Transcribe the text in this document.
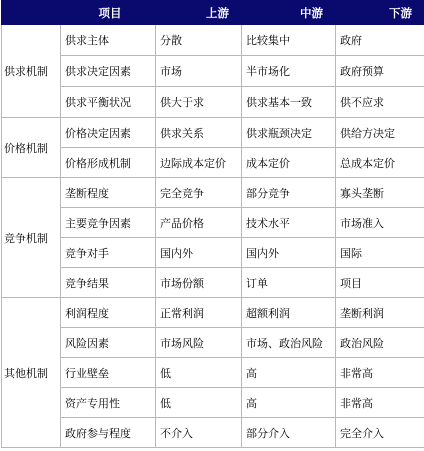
	项目	上游	中游	下游
供求机制	供求主体	分散	比较集中	政府
	供求决定因素	市场	半市场化	政府预算
	供求平衡状况	供大于求	供求基本一致	供不应求
价格机制	价格决定因素	供求关系	供求瓶颈决定	供给方决定
	价格形成机制	边际成本定价	成本定价	总成本定价
竞争机制	垄断程度	完全竞争	部分竞争	寡头垄断
	主要竞争因素	产品价格	技术水平	市场准入
	竞争对手	国内外	国内外	国际
	竞争结果	市场份额	订单	项目
其他机制	利润程度	正常利润	超额利润	垄断利润
	风险因素	市场风险	市场、政治风险	政治风险
	行业壁垒	低	高	非常高
	资产专用性	低	高	非常高
	政府参与程度	不介入	部分介入	完全介入
